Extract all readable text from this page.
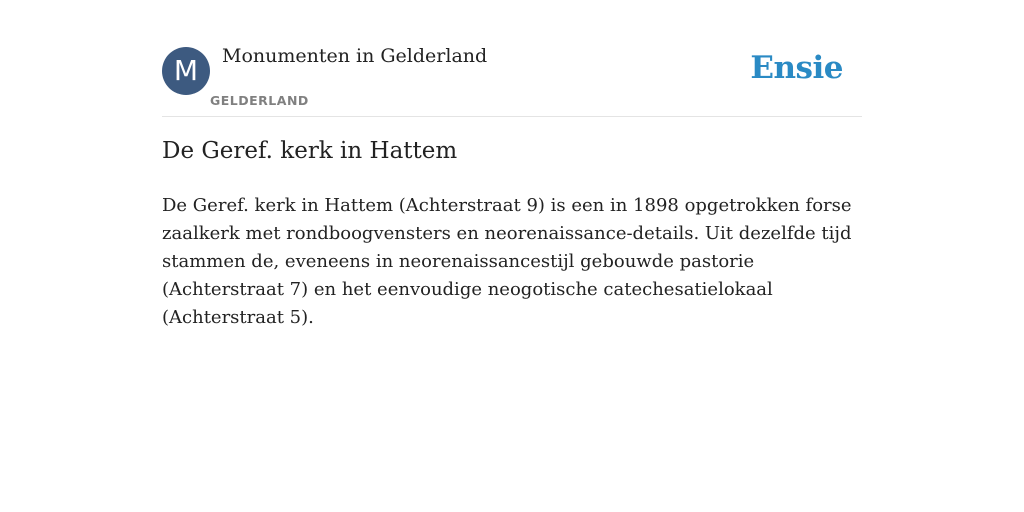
M	Monumenten in Gelderland
GELDERLAND
Ensie
De Geref. kerk in Hattem

De Geref. kerk in Hattem (Achterstraat 9) is een in 1898 opgetrokken forse zaalkerk met rondboogvensters en neorenaissance-details. Uit dezelfde tijd stammen de, eveneens in neorenaissancestijl gebouwde pastorie (Achterstraat 7) en het eenvoudige neogotische catechesatielokaal (Achterstraat 5).
